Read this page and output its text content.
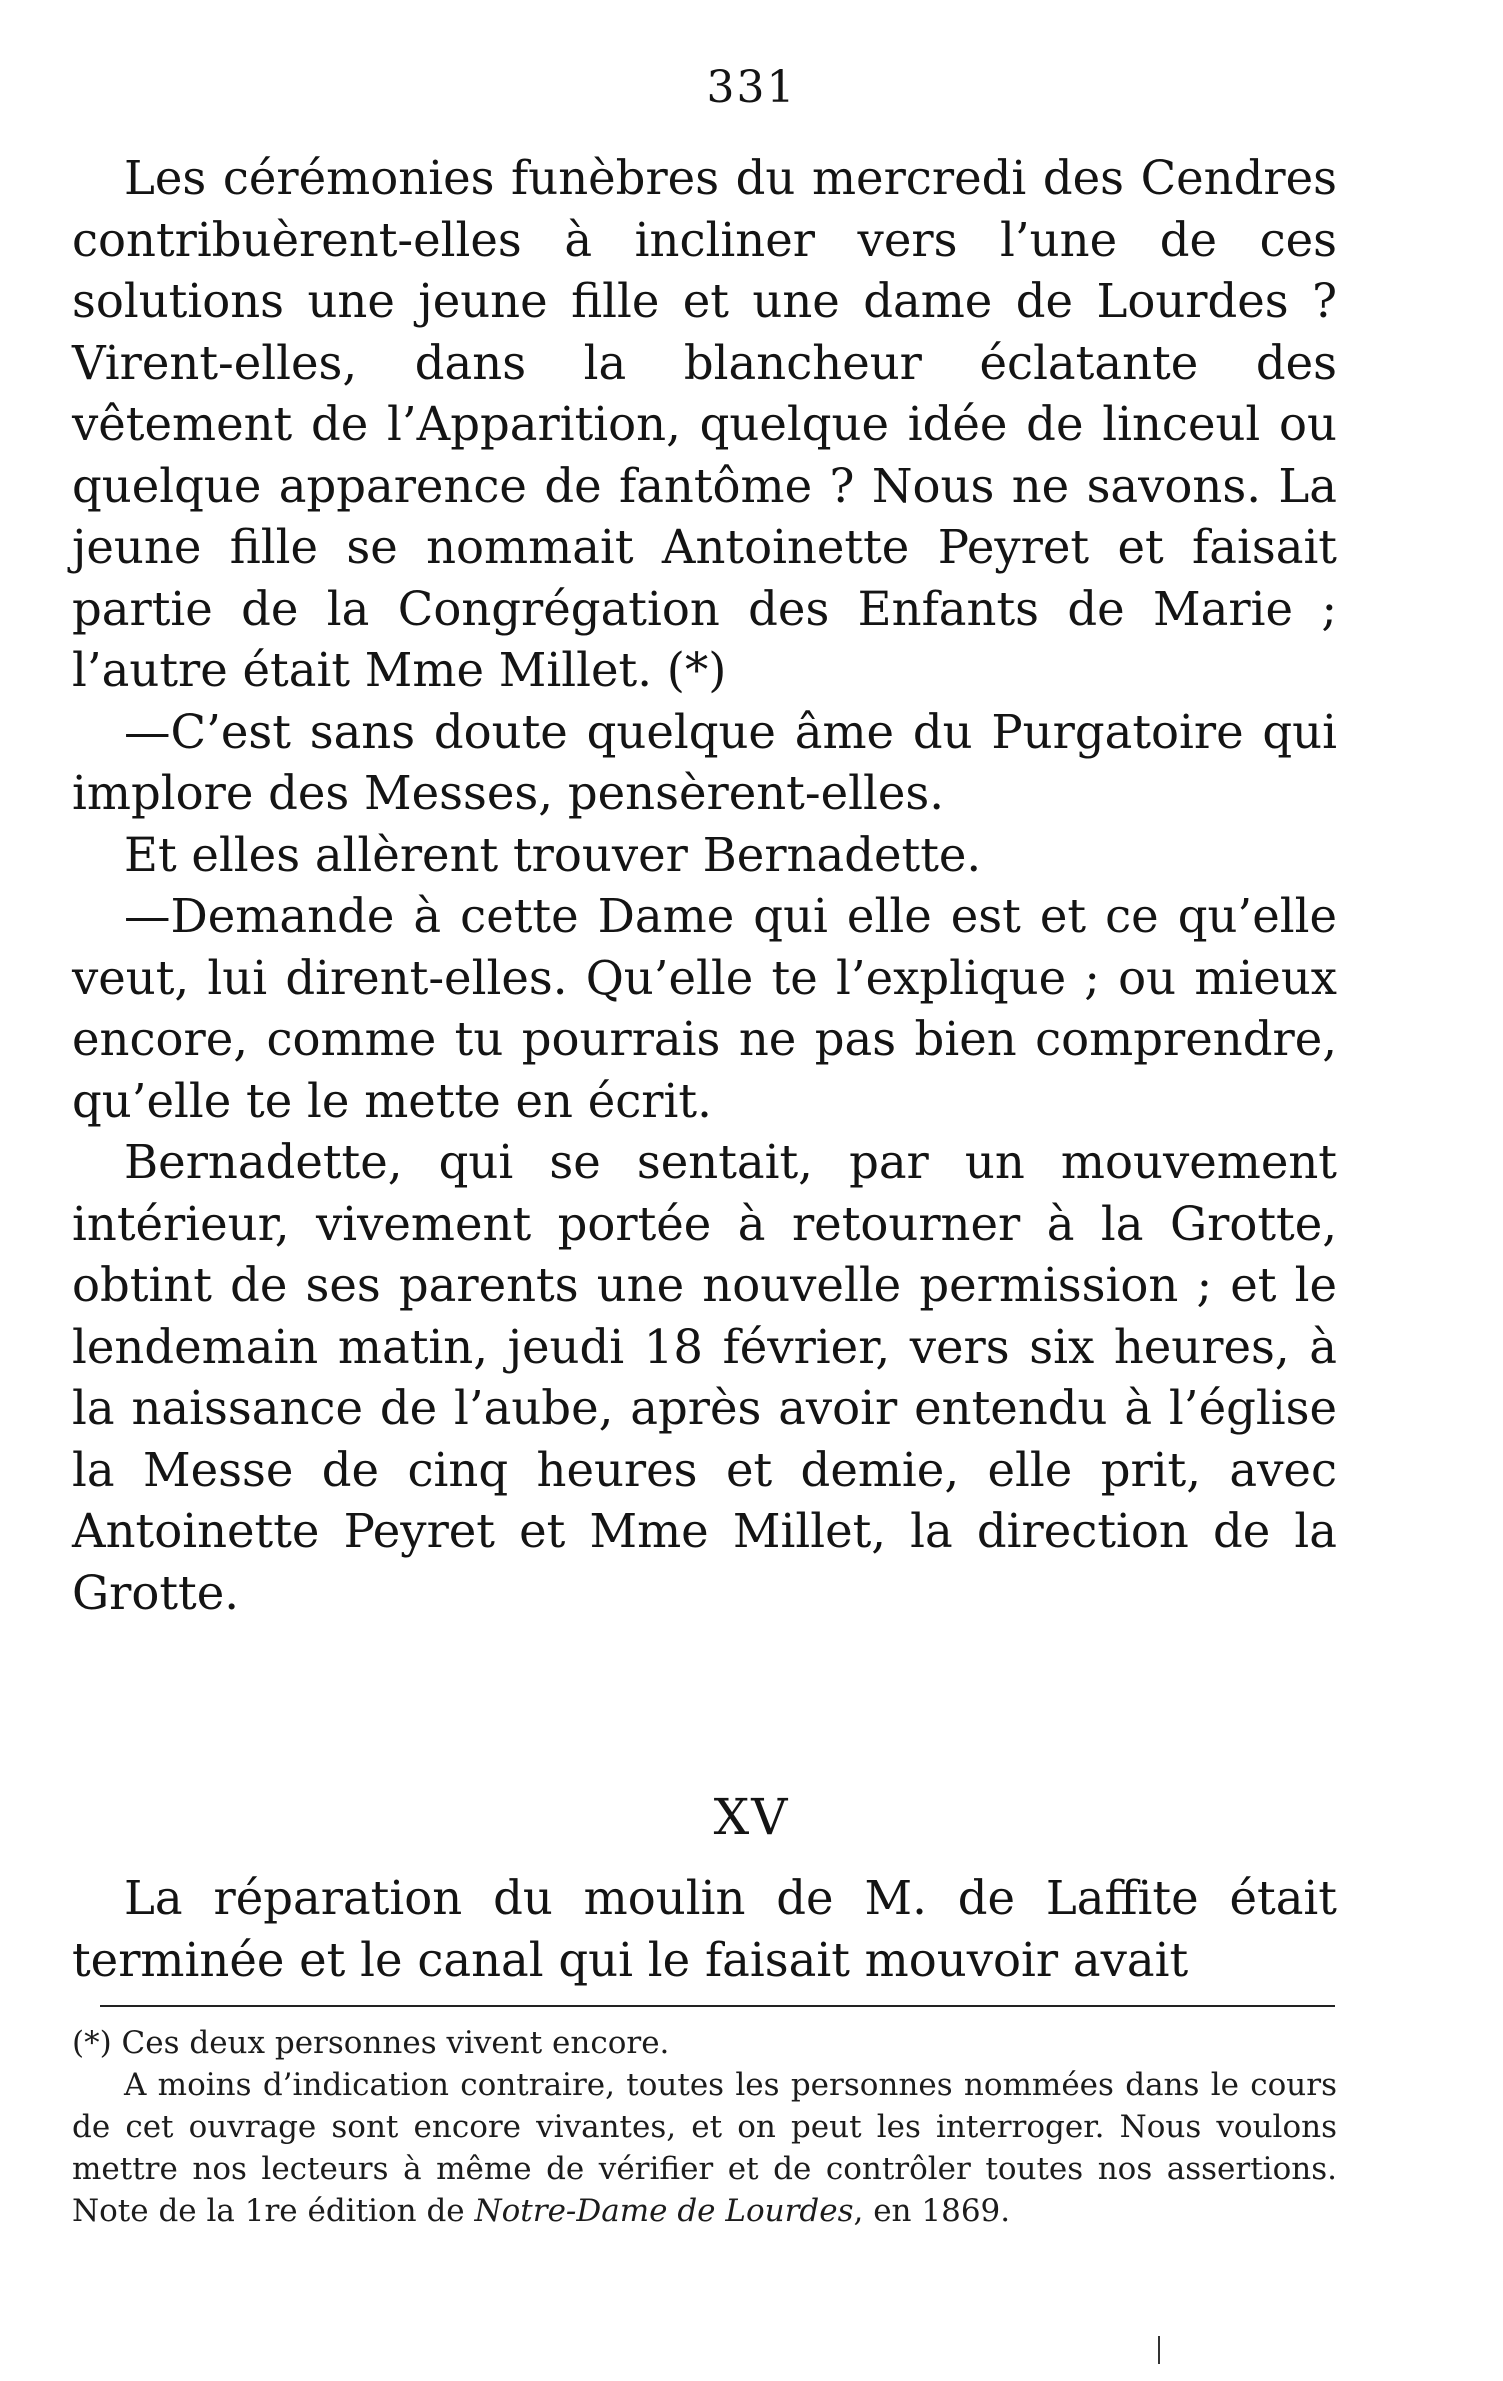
331

Les cérémonies funèbres du mercredi des Cendres contribuèrent-elles à incliner vers l’une de ces solutions une jeune fille et une dame de Lourdes ? Virent-elles, dans la blancheur éclatante des vêtement de l’Apparition, quelque idée de linceul ou quelque apparence de fantôme ? Nous ne savons. La jeune fille se nommait Antoinette Peyret et faisait partie de la Congrégation des Enfants de Marie ; l’autre était Mme Millet. (*)

—C’est sans doute quelque âme du Purgatoire qui implore des Messes, pensèrent-elles.

Et elles allèrent trouver Bernadette.

—Demande à cette Dame qui elle est et ce qu’elle veut, lui dirent-elles. Qu’elle te l’explique ; ou mieux encore, comme tu pourrais ne pas bien comprendre, qu’elle te le mette en écrit.

Bernadette, qui se sentait, par un mouvement intérieur, vivement portée à retourner à la Grotte, obtint de ses parents une nouvelle permission ; et le lendemain matin, jeudi 18 février, vers six heures, à la naissance de l’aube, après avoir entendu à l’église la Messe de cinq heures et demie, elle prit, avec Antoinette Peyret et Mme Millet, la direction de la Grotte.

XV

La réparation du moulin de M. de Laffite était terminée et le canal qui le faisait mouvoir avait

(*) Ces deux personnes vivent encore.

A moins d’indication contraire, toutes les personnes nommées dans le cours de cet ouvrage sont encore vivantes, et on peut les interroger. Nous voulons mettre nos lecteurs à même de vérifier et de contrôler toutes nos assertions. Note de la 1re édition de Notre-Dame de Lourdes, en 1869.
